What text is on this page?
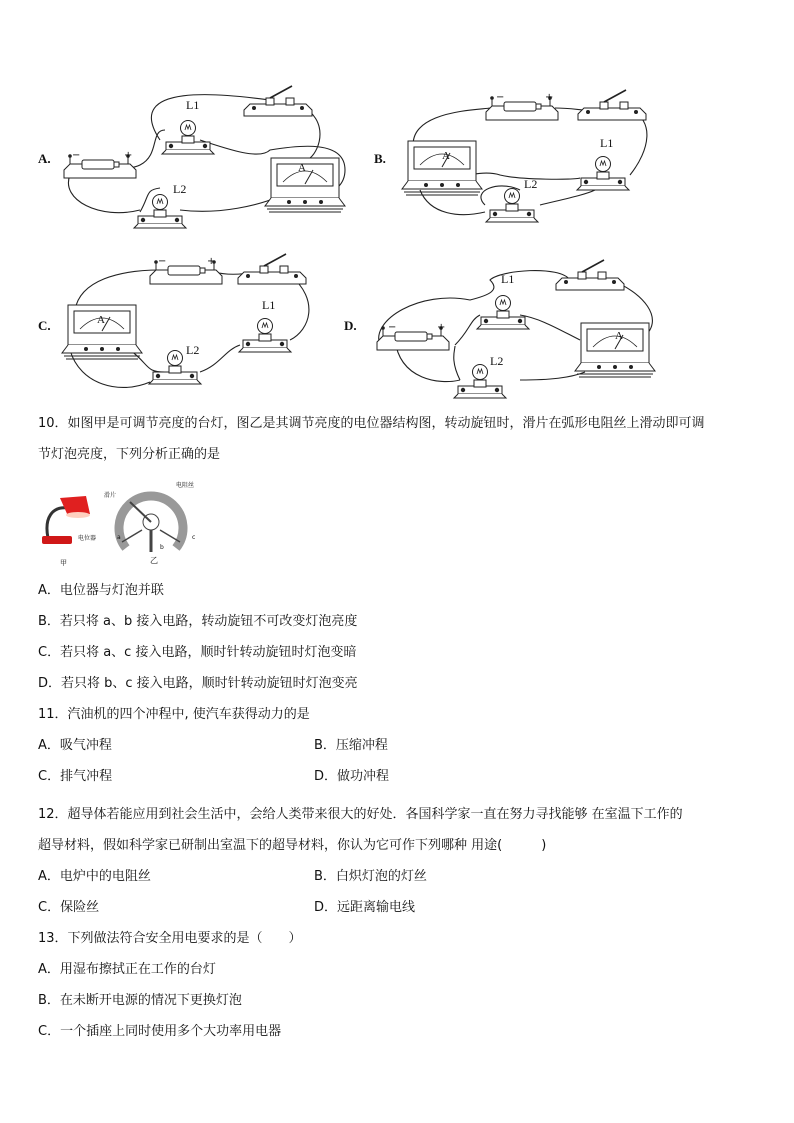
A.	B.
C.	D.
L1
L2
A
−	+
L1
L2
A
−	+
L1
L2
A
−	+
L1
L2
A
−	+
10．如图甲是可调节亮度的台灯，图乙是其调节亮度的电位器结构图，转动旋钮时，滑片在弧形电阻丝上滑动即可调
节灯泡亮度，下列分析正确的是
滑片
电阻丝
电位器
甲	乙
a
b
c
A．电位器与灯泡并联
B．若只将 a、b 接入电路，转动旋钮不可改变灯泡亮度
C．若只将 a、c 接入电路，顺时针转动旋钮时灯泡变暗
D．若只将 b、c 接入电路，顺时针转动旋钮时灯泡变亮
11．汽油机的四个冲程中, 使汽车获得动力的是
A．吸气冲程	B．压缩冲程
C．排气冲程	D．做功冲程
12．超导体若能应用到社会生活中，会给人类带来很大的好处．各国科学家一直在努力寻找能够 在室温下工作的
超导材料，假如科学家已研制出室温下的超导材料，你认为它可作下列哪种 用途(　　　)
A．电炉中的电阻丝	B．白炽灯泡的灯丝
C．保险丝	D．远距离输电线
13．下列做法符合安全用电要求的是（　　）
A．用湿布擦拭正在工作的台灯
B．在未断开电源的情况下更换灯泡
C．一个插座上同时使用多个大功率用电器
